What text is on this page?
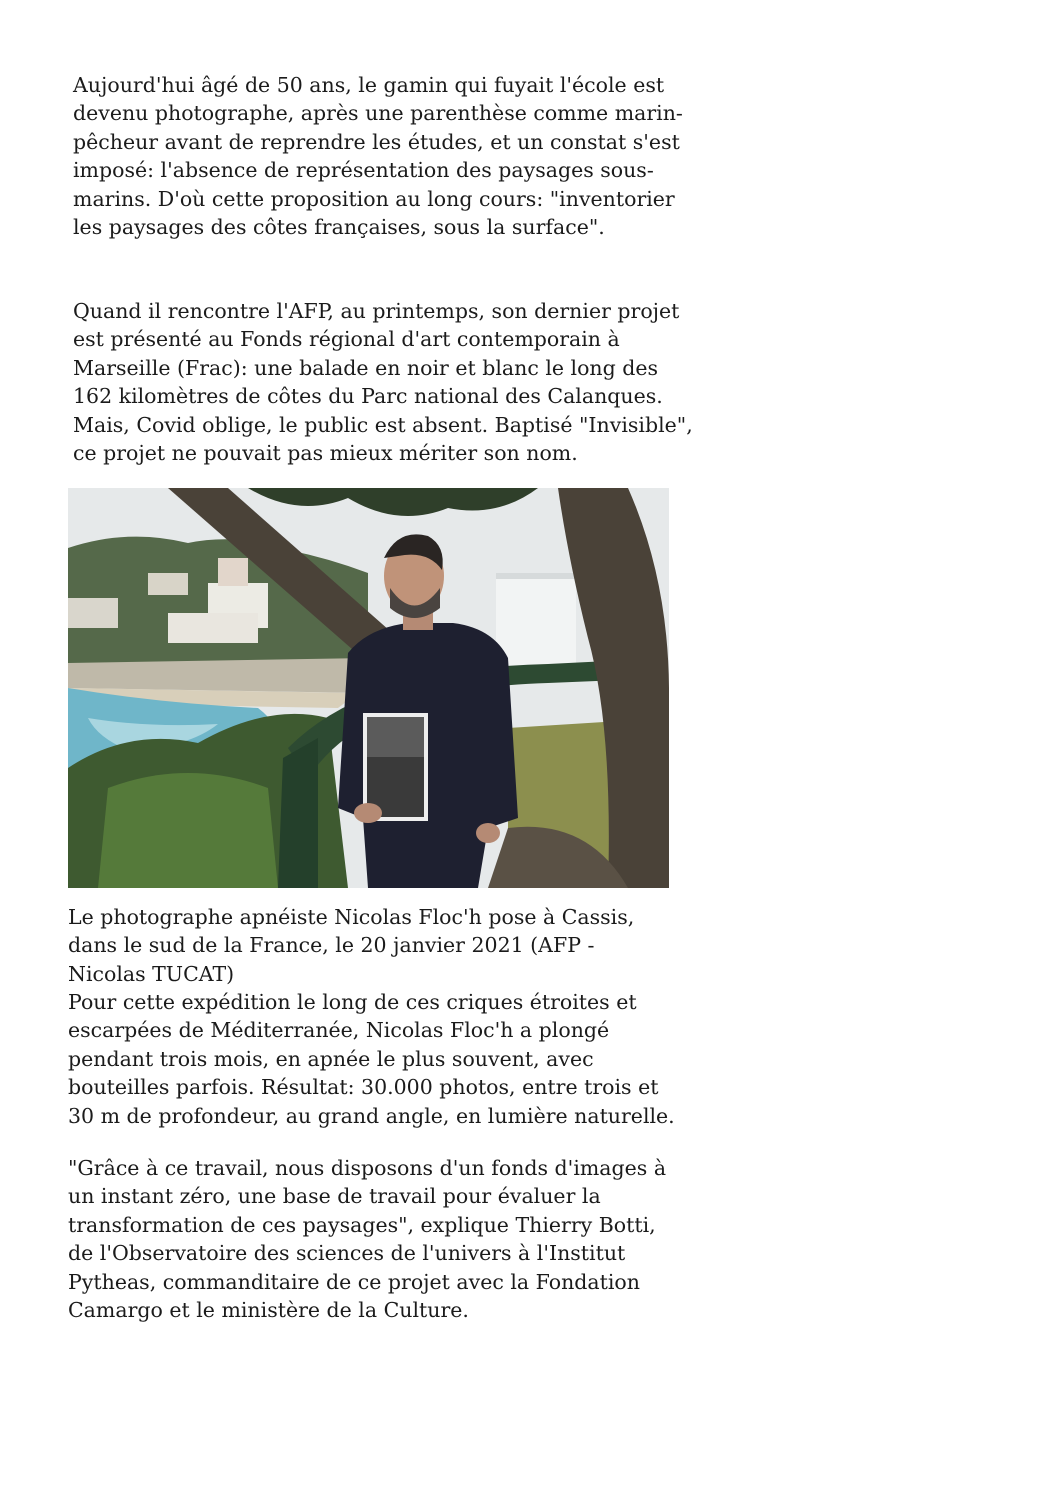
Aujourd'hui âgé de 50 ans, le gamin qui fuyait l'école est devenu photographe, après une parenthèse comme marin-pêcheur avant de reprendre les études, et un constat s'est imposé: l'absence de représentation des paysages sous-marins. D'où cette proposition au long cours: "inventorier les paysages des côtes françaises, sous la surface".

Quand il rencontre l'AFP, au printemps, son dernier projet est présenté au Fonds régional d'art contemporain à Marseille (Frac): une balade en noir et blanc le long des 162 kilomètres de côtes du Parc national des Calanques. Mais, Covid oblige, le public est absent. Baptisé "Invisible", ce projet ne pouvait pas mieux mériter son nom.

Le photographe apnéiste Nicolas Floc'h pose à Cassis, dans le sud de la France, le 20 janvier 2021 (AFP - Nicolas TUCAT)

Pour cette expédition le long de ces criques étroites et escarpées de Méditerranée, Nicolas Floc'h a plongé pendant trois mois, en apnée le plus souvent, avec bouteilles parfois. Résultat: 30.000 photos, entre trois et 30 m de profondeur, au grand angle, en lumière naturelle.

"Grâce à ce travail, nous disposons d'un fonds d'images à un instant zéro, une base de travail pour évaluer la transformation de ces paysages", explique Thierry Botti, de l'Observatoire des sciences de l'univers à l'Institut Pytheas, commanditaire de ce projet avec la Fondation Camargo et le ministère de la Culture.
